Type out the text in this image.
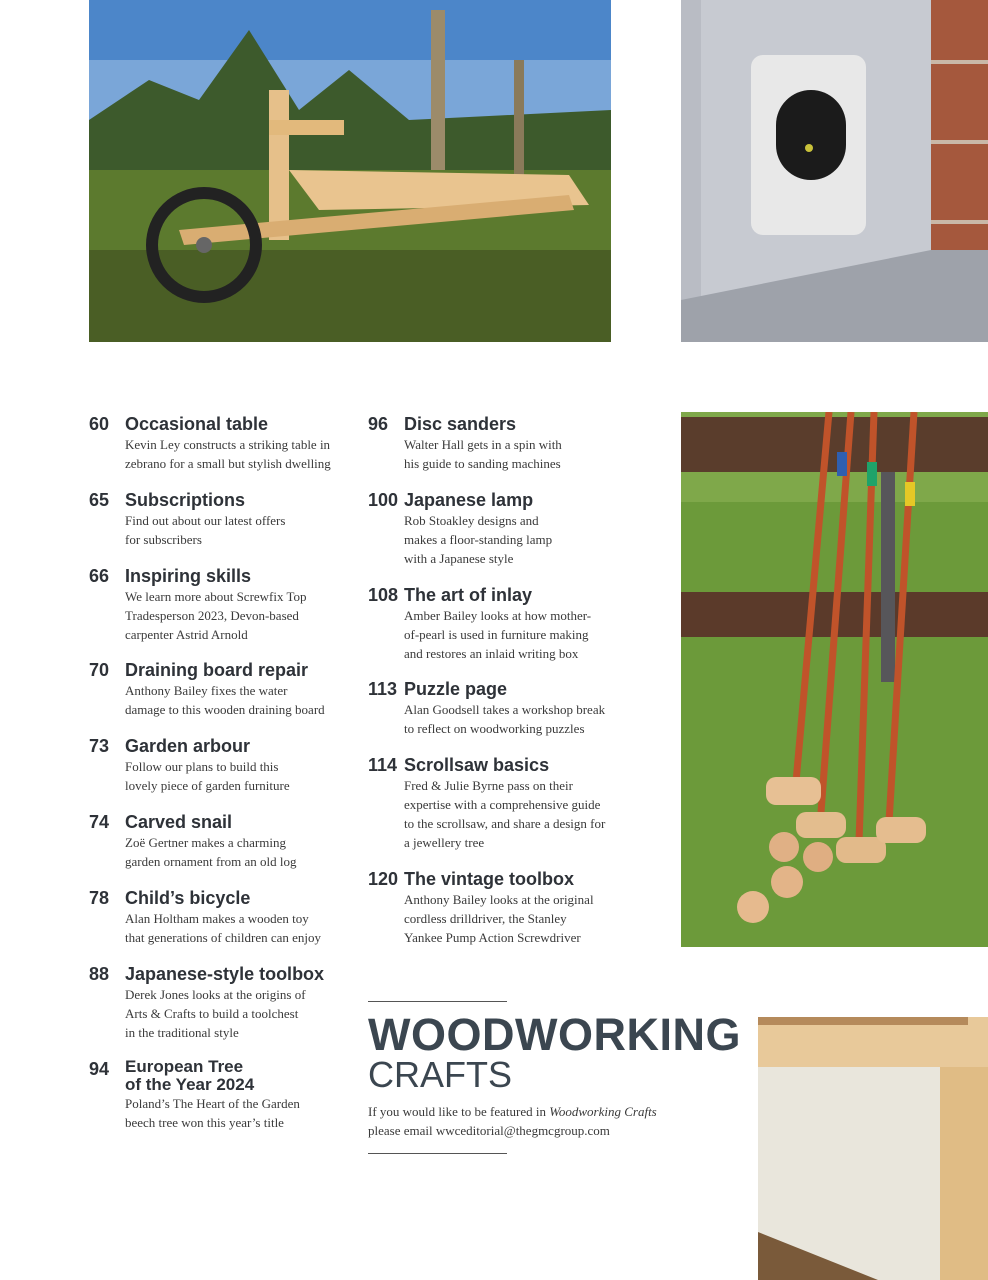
60 Occasional table
Kevin Ley constructs a striking table in
zebrano for a small but stylish dwelling
65 Subscriptions
Find out about our latest offers
for subscribers
66 Inspiring skills
We learn more about Screwfix Top
Tradesperson 2023, Devon-based
carpenter Astrid Arnold
70 Draining board repair
Anthony Bailey fixes the water
damage to this wooden draining board
73 Garden arbour
Follow our plans to build this
lovely piece of garden furniture
74 Carved snail
Zoë Gertner makes a charming
garden ornament from an old log
78 Child’s bicycle
Alan Holtham makes a wooden toy
that generations of children can enjoy
88 Japanese-style toolbox
Derek Jones looks at the origins of
Arts & Crafts to build a toolchest
in the traditional style
94 European Tree
of the Year 2024
Poland’s The Heart of the Garden
beech tree won this year’s title
96 Disc sanders
Walter Hall gets in a spin with
his guide to sanding machines
100 Japanese lamp
Rob Stoakley designs and
makes a floor-standing lamp
with a Japanese style
108 The art of inlay
Amber Bailey looks at how mother-
of-pearl is used in furniture making
and restores an inlaid writing box
113 Puzzle page
Alan Goodsell takes a workshop break
to reflect on woodworking puzzles
114 Scrollsaw basics
Fred & Julie Byrne pass on their
expertise with a comprehensive guide
to the scrollsaw, and share a design for
a jewellery tree
120 The vintage toolbox
Anthony Bailey looks at the original
cordless drilldriver, the Stanley
Yankee Pump Action Screwdriver
WOODWORKING
CRAFTS
If you would like to be featured in Woodworking Crafts
please email wwceditorial@thegmcgroup.com
